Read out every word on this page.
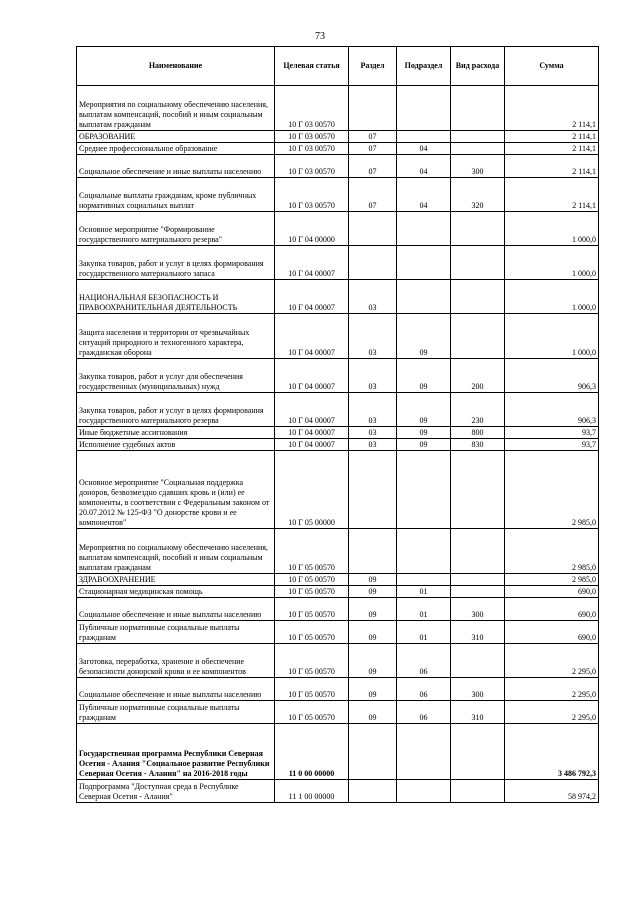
73
Наименование	Целевая статья	Раздел	Подраздел	Вид расхода	Сумма
Мероприятия по социальному обеспечению населения, выплатам компенсаций, пособий и иным социальным выплатам гражданам	10 Г 03 00570				2 114,1
ОБРАЗОВАНИЕ	10 Г 03 00570	07			2 114,1
Среднее профессиональное образование	10 Г 03 00570	07	04		2 114,1
Социальное обеспечение и иные выплаты населению	10 Г 03 00570	07	04	300	2 114,1
Социальные выплаты гражданам, кроме публичных нормативных социальных выплат	10 Г 03 00570	07	04	320	2 114,1
Основное мероприятие "Формирование государственного материального резерва"	10 Г 04 00000				1 000,0
Закупка товаров, работ и услуг в целях формирования государственного материального запаса	10 Г 04 00007				1 000,0
НАЦИОНАЛЬНАЯ БЕЗОПАСНОСТЬ И ПРАВООХРАНИТЕЛЬНАЯ ДЕЯТЕЛЬНОСТЬ	10 Г 04 00007	03			1 000,0
Защита населения и территории от чрезвычайных ситуаций природного и техногенного характера, гражданская оборона	10 Г 04 00007	03	09		1 000,0
Закупка товаров, работ и услуг для обеспечения государственных (муниципальных) нужд	10 Г 04 00007	03	09	200	906,3
Закупка товаров, работ и услуг в целях формирования государственного материального резерва	10 Г 04 00007	03	09	230	906,3
Иные бюджетные ассигнования	10 Г 04 00007	03	09	800	93,7
Исполнение судебных актов	10 Г 04 00007	03	09	830	93,7
Основное мероприятие "Социальная поддержка доноров, безвозмездно сдавших кровь и (или) ее компоненты, в соответствии с Федеральным законом от 20.07.2012 № 125-ФЗ "О донорстве крови и ее компонентов"	10 Г 05 00000				2 985,0
Мероприятия по социальному обеспечению населения, выплатам компенсаций, пособий и иным социальным выплатам гражданам	10 Г 05 00570				2 985,0
ЗДРАВООХРАНЕНИЕ	10 Г 05 00570	09			2 985,0
Стационарная медицинская помощь	10 Г 05 00570	09	01		690,0
Социальное обеспечение и иные выплаты населению	10 Г 05 00570	09	01	300	690,0
Публичные нормативные социальные выплаты гражданам	10 Г 05 00570	09	01	310	690,0
Заготовка, переработка, хранение и обеспечение безопасности донорской крови и ее компонентов	10 Г 05 00570	09	06		2 295,0
Социальное обеспечение и иные выплаты населению	10 Г 05 00570	09	06	300	2 295,0
Публичные нормативные социальные выплаты гражданам	10 Г 05 00570	09	06	310	2 295,0
Государственная программа Республики Северная Осетия - Алания "Социальное развитие Республики Северная Осетия - Алания" на 2016-2018 годы	11 0 00 00000				3 486 792,3
Подпрограмма "Доступная среда в Республике Северная Осетия - Алания"	11 1 00 00000				58 974,2
